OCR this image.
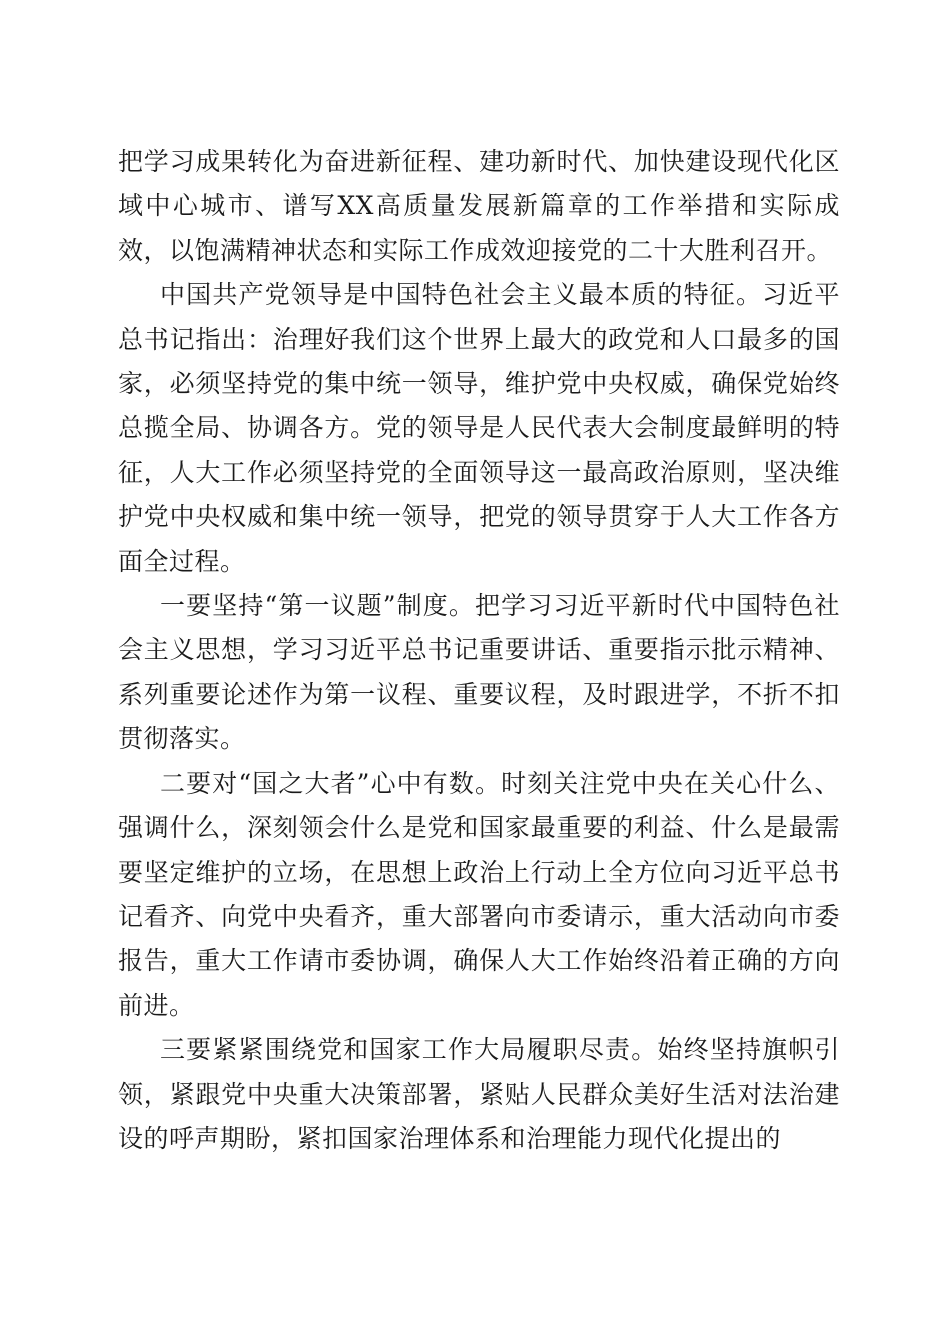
把学习成果转化为奋进新征程、建功新时代、加快建设现代化区域中心城市、谱写XX高质量发展新篇章的工作举措和实际成效，以饱满精神状态和实际工作成效迎接党的二十大胜利召开。

中国共产党领导是中国特色社会主义最本质的特征。习近平总书记指出：治理好我们这个世界上最大的政党和人口最多的国家，必须坚持党的集中统一领导，维护党中央权威，确保党始终总揽全局、协调各方。党的领导是人民代表大会制度最鲜明的特征，人大工作必须坚持党的全面领导这一最高政治原则，坚决维护党中央权威和集中统一领导，把党的领导贯穿于人大工作各方面全过程。

一要坚持“第一议题”制度。把学习习近平新时代中国特色社会主义思想，学习习近平总书记重要讲话、重要指示批示精神、系列重要论述作为第一议程、重要议程，及时跟进学，不折不扣贯彻落实。

二要对“国之大者”心中有数。时刻关注党中央在关心什么、强调什么，深刻领会什么是党和国家最重要的利益、什么是最需要坚定维护的立场，在思想上政治上行动上全方位向习近平总书记看齐、向党中央看齐，重大部署向市委请示，重大活动向市委报告，重大工作请市委协调，确保人大工作始终沿着正确的方向前进。

三要紧紧围绕党和国家工作大局履职尽责。始终坚持旗帜引领，紧跟党中央重大决策部署，紧贴人民群众美好生活对法治建设的呼声期盼，紧扣国家治理体系和治理能力现代化提出的
